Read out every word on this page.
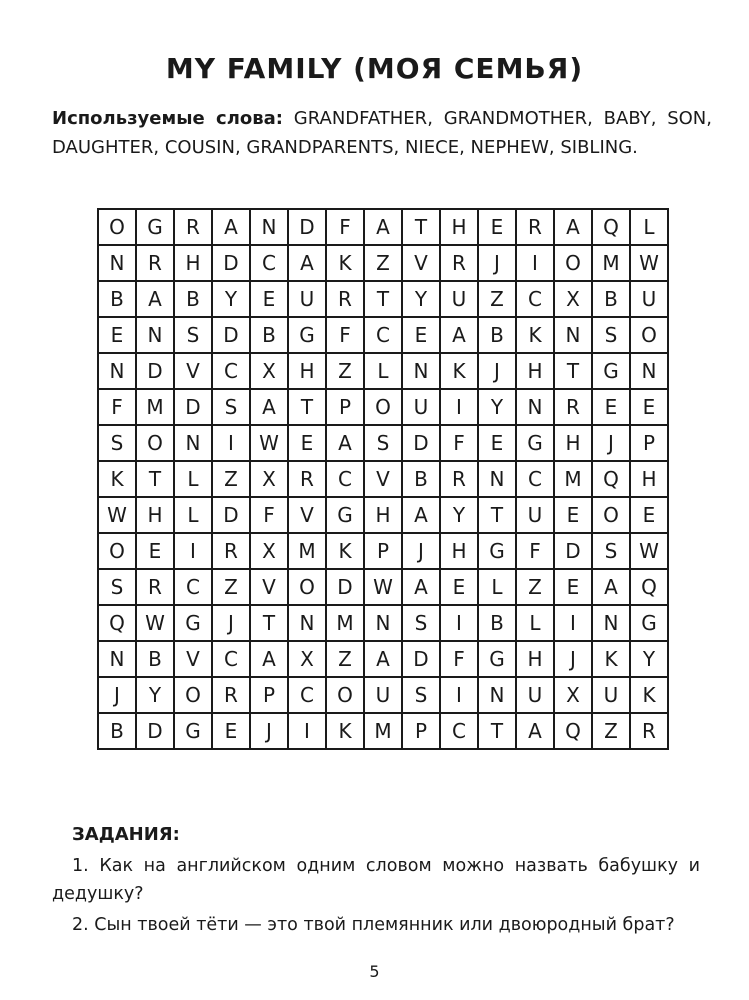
MY FAMILY (МОЯ СЕМЬЯ)
Используемые слова: GRANDFATHER, GRANDMOTHER, BABY, SON, DAUGHTER, COUSIN, GRANDPARENTS, NIECE, NEPHEW, SIBLING.
O	G	R	A	N	D	F	A	T	H	E	R	A	Q	L
N	R	H	D	C	A	K	Z	V	R	J	I	O	M	W
B	A	B	Y	E	U	R	T	Y	U	Z	C	X	B	U
E	N	S	D	B	G	F	C	E	A	B	K	N	S	O
N	D	V	C	X	H	Z	L	N	K	J	H	T	G	N
F	M	D	S	A	T	P	O	U	I	Y	N	R	E	E
S	O	N	I	W	E	A	S	D	F	E	G	H	J	P
K	T	L	Z	X	R	C	V	B	R	N	C	M	Q	H
W	H	L	D	F	V	G	H	A	Y	T	U	E	O	E
O	E	I	R	X	M	K	P	J	H	G	F	D	S	W
S	R	C	Z	V	O	D	W	A	E	L	Z	E	A	Q
Q	W	G	J	T	N	M	N	S	I	B	L	I	N	G
N	B	V	C	A	X	Z	A	D	F	G	H	J	K	Y
J	Y	O	R	P	C	O	U	S	I	N	U	X	U	K
B	D	G	E	J	I	K	M	P	C	T	A	Q	Z	R
ЗАДАНИЯ:
1. Как на английском одним словом можно назвать бабушку и дедушку?
2. Сын твоей тёти — это твой племянник или двоюродный брат?
5
